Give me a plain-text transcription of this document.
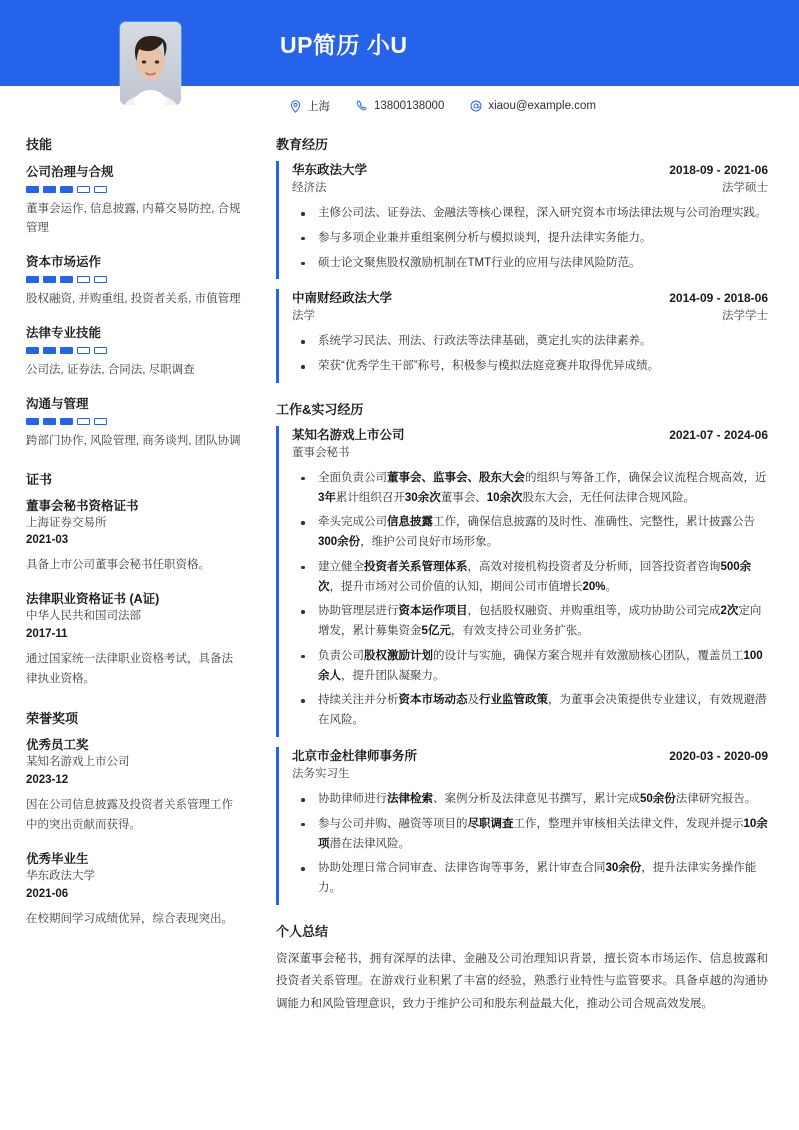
UP简历 小U
上海	13800138000	xiaou@example.com
技能
公司治理与合规
董事会运作, 信息披露, 内幕交易防控, 合规管理
资本市场运作
股权融资, 并购重组, 投资者关系, 市值管理
法律专业技能
公司法, 证券法, 合同法, 尽职调查
沟通与管理
跨部门协作, 风险管理, 商务谈判, 团队协调
证书
董事会秘书资格证书
上海证券交易所
2021-03
具备上市公司董事会秘书任职资格。
法律职业资格证书 (A证)
中华人民共和国司法部
2017-11
通过国家统一法律职业资格考试，具备法律执业资格。
荣誉奖项
优秀员工奖
某知名游戏上市公司
2023-12
因在公司信息披露及投资者关系管理工作中的突出贡献而获得。
优秀毕业生
华东政法大学
2021-06
在校期间学习成绩优异，综合表现突出。
教育经历
华东政法大学	2018-09 - 2021-06
经济法	法学硕士
主修公司法、证券法、金融法等核心课程，深入研究资本市场法律法规与公司治理实践。
参与多项企业兼并重组案例分析与模拟谈判，提升法律实务能力。
硕士论文聚焦股权激励机制在TMT行业的应用与法律风险防范。
中南财经政法大学	2014-09 - 2018-06
法学	法学学士
系统学习民法、刑法、行政法等法律基础，奠定扎实的法律素养。
荣获“优秀学生干部”称号，积极参与模拟法庭竞赛并取得优异成绩。
工作&实习经历
某知名游戏上市公司	2021-07 - 2024-06
董事会秘书
全面负责公司董事会、监事会、股东大会的组织与筹备工作，确保会议流程合规高效，近3年累计组织召开30余次董事会、10余次股东大会，无任何法律合规风险。
牵头完成公司信息披露工作，确保信息披露的及时性、准确性、完整性，累计披露公告300余份，维护公司良好市场形象。
建立健全投资者关系管理体系，高效对接机构投资者及分析师，回答投资者咨询500余次，提升市场对公司价值的认知，期间公司市值增长20%。
协助管理层进行资本运作项目，包括股权融资、并购重组等，成功协助公司完成2次定向增发，累计募集资金5亿元，有效支持公司业务扩张。
负责公司股权激励计划的设计与实施，确保方案合规并有效激励核心团队，覆盖员工100余人，提升团队凝聚力。
持续关注并分析资本市场动态及行业监管政策，为董事会决策提供专业建议，有效规避潜在风险。
北京市金杜律师事务所	2020-03 - 2020-09
法务实习生
协助律师进行法律检索、案例分析及法律意见书撰写，累计完成50余份法律研究报告。
参与公司并购、融资等项目的尽职调查工作，整理并审核相关法律文件，发现并提示10余项潜在法律风险。
协助处理日常合同审查、法律咨询等事务，累计审查合同30余份，提升法律实务操作能力。
个人总结
资深董事会秘书，拥有深厚的法律、金融及公司治理知识背景，擅长资本市场运作、信息披露和投资者关系管理。在游戏行业积累了丰富的经验，熟悉行业特性与监管要求。具备卓越的沟通协调能力和风险管理意识，致力于维护公司和股东利益最大化，推动公司合规高效发展。
